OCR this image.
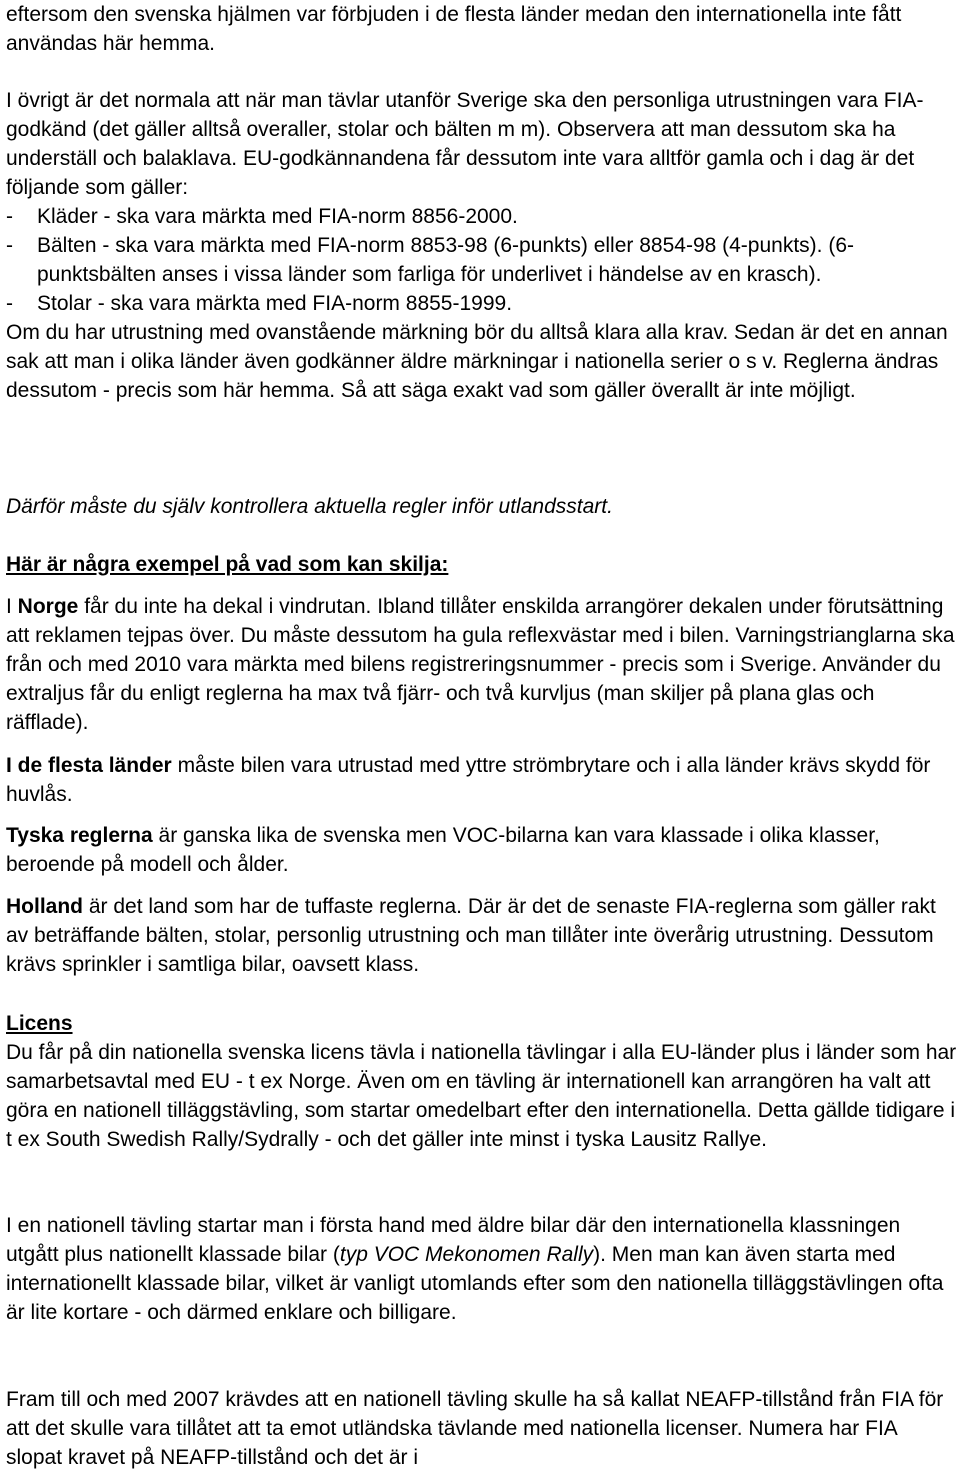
eftersom den svenska hjälmen var förbjuden i de flesta länder medan den internationella inte fått användas här hemma.

I övrigt är det normala att när man tävlar utanför Sverige ska den personliga utrustningen vara FIA-godkänd (det gäller alltså overaller, stolar och bälten m m). Observera att man dessutom ska ha underställ och balaklava. EU-godkännandena får dessutom inte vara alltför gamla och i dag är det följande som gäller:

- Kläder - ska vara märkta med FIA-norm 8856-2000.

- Bälten - ska vara märkta med FIA-norm 8853-98 (6-punkts) eller 8854-98 (4-punkts). (6-punktsbälten anses i vissa länder som farliga för underlivet i händelse av en krasch).

- Stolar - ska vara märkta med FIA-norm 8855-1999.

Om du har utrustning med ovanstående märkning bör du alltså klara alla krav. Sedan är det en annan sak att man i olika länder även godkänner äldre märkningar i nationella serier o s v. Reglerna ändras dessutom - precis som här hemma. Så att säga exakt vad som gäller överallt är inte möjligt.

Därför måste du själv kontrollera aktuella regler inför utlandsstart.

Här är några exempel på vad som kan skilja:

I Norge får du inte ha dekal i vindrutan. Ibland tillåter enskilda arrangörer dekalen under förutsättning att reklamen tejpas över. Du måste dessutom ha gula reflexvästar med i bilen. Varningstrianglarna ska från och med 2010 vara märkta med bilens registreringsnummer - precis som i Sverige. Använder du extraljus får du enligt reglerna ha max två fjärr- och två kurvljus (man skiljer på plana glas och räfflade).

I de flesta länder måste bilen vara utrustad med yttre strömbrytare och i alla länder krävs skydd för huvlås.

Tyska reglerna är ganska lika de svenska men VOC-bilarna kan vara klassade i olika klasser, beroende på modell och ålder.

Holland är det land som har de tuffaste reglerna. Där är det de senaste FIA-reglerna som gäller rakt av beträffande bälten, stolar, personlig utrustning och man tillåter inte överårig utrustning. Dessutom krävs sprinkler i samtliga bilar, oavsett klass.

Licens

Du får på din nationella svenska licens tävla i nationella tävlingar i alla EU-länder plus i länder som har samarbetsavtal med EU - t ex Norge. Även om en tävling är internationell kan arrangören ha valt att göra en nationell tilläggstävling, som startar omedelbart efter den internationella. Detta gällde tidigare i t ex South Swedish Rally/Sydrally - och det gäller inte minst i tyska Lausitz Rallye.

I en nationell tävling startar man i första hand med äldre bilar där den internationella klassningen utgått plus nationellt klassade bilar (typ VOC Mekonomen Rally). Men man kan även starta med internationellt klassade bilar, vilket är vanligt utomlands efter som den nationella tilläggstävlingen ofta är lite kortare - och därmed enklare och billigare.

Fram till och med 2007 krävdes att en nationell tävling skulle ha så kallat NEAFP-tillstånd från FIA för att det skulle vara tillåtet att ta emot utländska tävlande med nationella licenser. Numera har FIA slopat kravet på NEAFP-tillstånd och det är i
